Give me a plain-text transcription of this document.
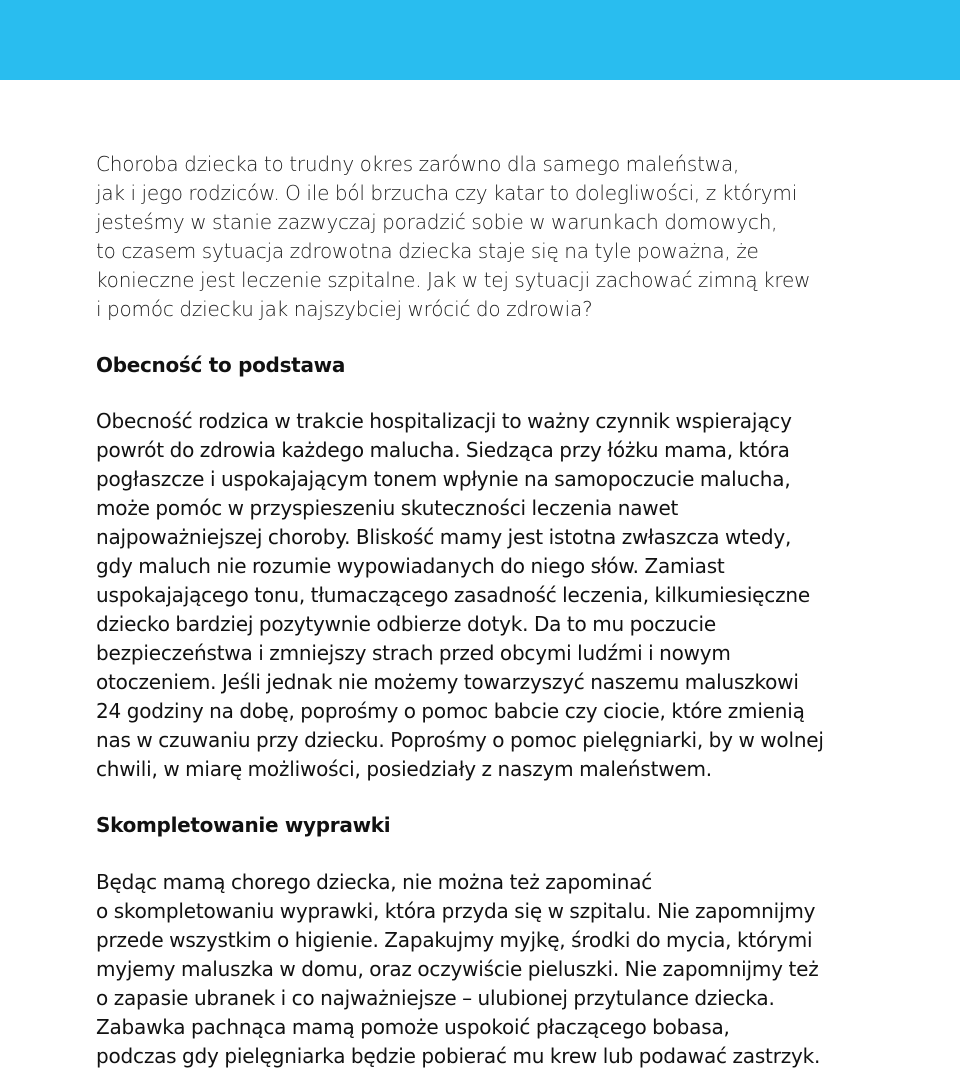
Choroba dziecka to trudny okres zarówno dla samego maleństwa,
jak i jego rodziców. O ile ból brzucha czy katar to dolegliwości, z którymi
jesteśmy w stanie zazwyczaj poradzić sobie w warunkach domowych,
to czasem sytuacja zdrowotna dziecka staje się na tyle poważna, że
konieczne jest leczenie szpitalne. Jak w tej sytuacji zachować zimną krew
i pomóc dziecku jak najszybciej wrócić do zdrowia?

Obecność to podstawa

Obecność rodzica w trakcie hospitalizacji to ważny czynnik wspierający
powrót do zdrowia każdego malucha. Siedząca przy łóżku mama, która
pogłaszcze i uspokajającym tonem wpłynie na samopoczucie malucha,
może pomóc w przyspieszeniu skuteczności leczenia nawet
najpoważniejszej choroby. Bliskość mamy jest istotna zwłaszcza wtedy,
gdy maluch nie rozumie wypowiadanych do niego słów. Zamiast
uspokajającego tonu, tłumaczącego zasadność leczenia, kilkumiesięczne
dziecko bardziej pozytywnie odbierze dotyk. Da to mu poczucie
bezpieczeństwa i zmniejszy strach przed obcymi ludźmi i nowym
otoczeniem. Jeśli jednak nie możemy towarzyszyć naszemu maluszkowi
24 godziny na dobę, poprośmy o pomoc babcie czy ciocie, które zmienią
nas w czuwaniu przy dziecku. Poprośmy o pomoc pielęgniarki, by w wolnej
chwili, w miarę możliwości, posiedziały z naszym maleństwem.

Skompletowanie wyprawki

Będąc mamą chorego dziecka, nie można też zapominać
o skompletowaniu wyprawki, która przyda się w szpitalu. Nie zapomnijmy
przede wszystkim o higienie. Zapakujmy myjkę, środki do mycia, którymi
myjemy maluszka w domu, oraz oczywiście pieluszki. Nie zapomnijmy też
o zapasie ubranek i co najważniejsze – ulubionej przytulance dziecka.
Zabawka pachnąca mamą pomoże uspokoić płaczącego bobasa,
podczas gdy pielęgniarka będzie pobierać mu krew lub podawać zastrzyk.
